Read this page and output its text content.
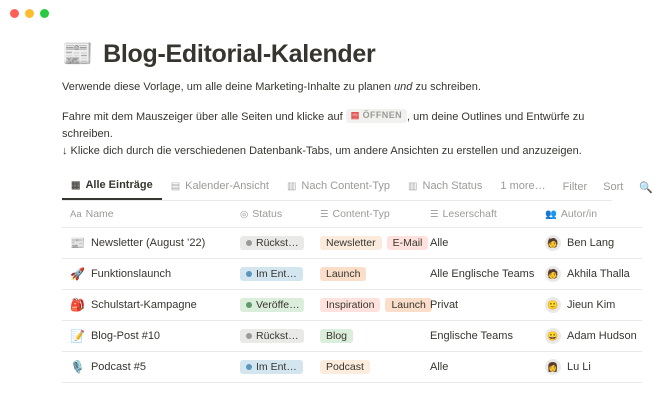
📰 Blog-Editorial-Kalender
Verwende diese Vorlage, um alle deine Marketing-Inhalte zu planen und zu schreiben.
Fahre mit dem Mauszeiger über alle Seiten und klicke auf ▤ ÖFFNEN , um deine Outlines und Entwürfe zu schreiben.
↓ Klicke dich durch die verschiedenen Datenbank-Tabs, um andere Ansichten zu erstellen und anzuzeigen.
▦ Alle Einträge ▤ Kalender-Ansicht ▥ Nach Content-Typ ▥ Nach Status 1 more…	Filter	Sort	🔍
Aa Name	◎ Status	☰ Content-Typ	☰ Leserschaft	👥 Autor/in

📰 Newsletter (August ’22)	Rückst…	Newsletter E-Mail	Alle	🧑 Ben Lang

🚀 Funktionslaunch	Im Ent…	Launch	Alle Englische Teams	🧑 Akhila Thalla

🎒 Schulstart-Kampagne	Veröffe…	Inspiration Launch	Privat	🙂 Jieun Kim

📝 Blog-Post #10	Rückst…	Blog	Englische Teams	😀 Adam Hudson

🎙️ Podcast #5	Im Ent…	Podcast	Alle	👩 Lu Li
